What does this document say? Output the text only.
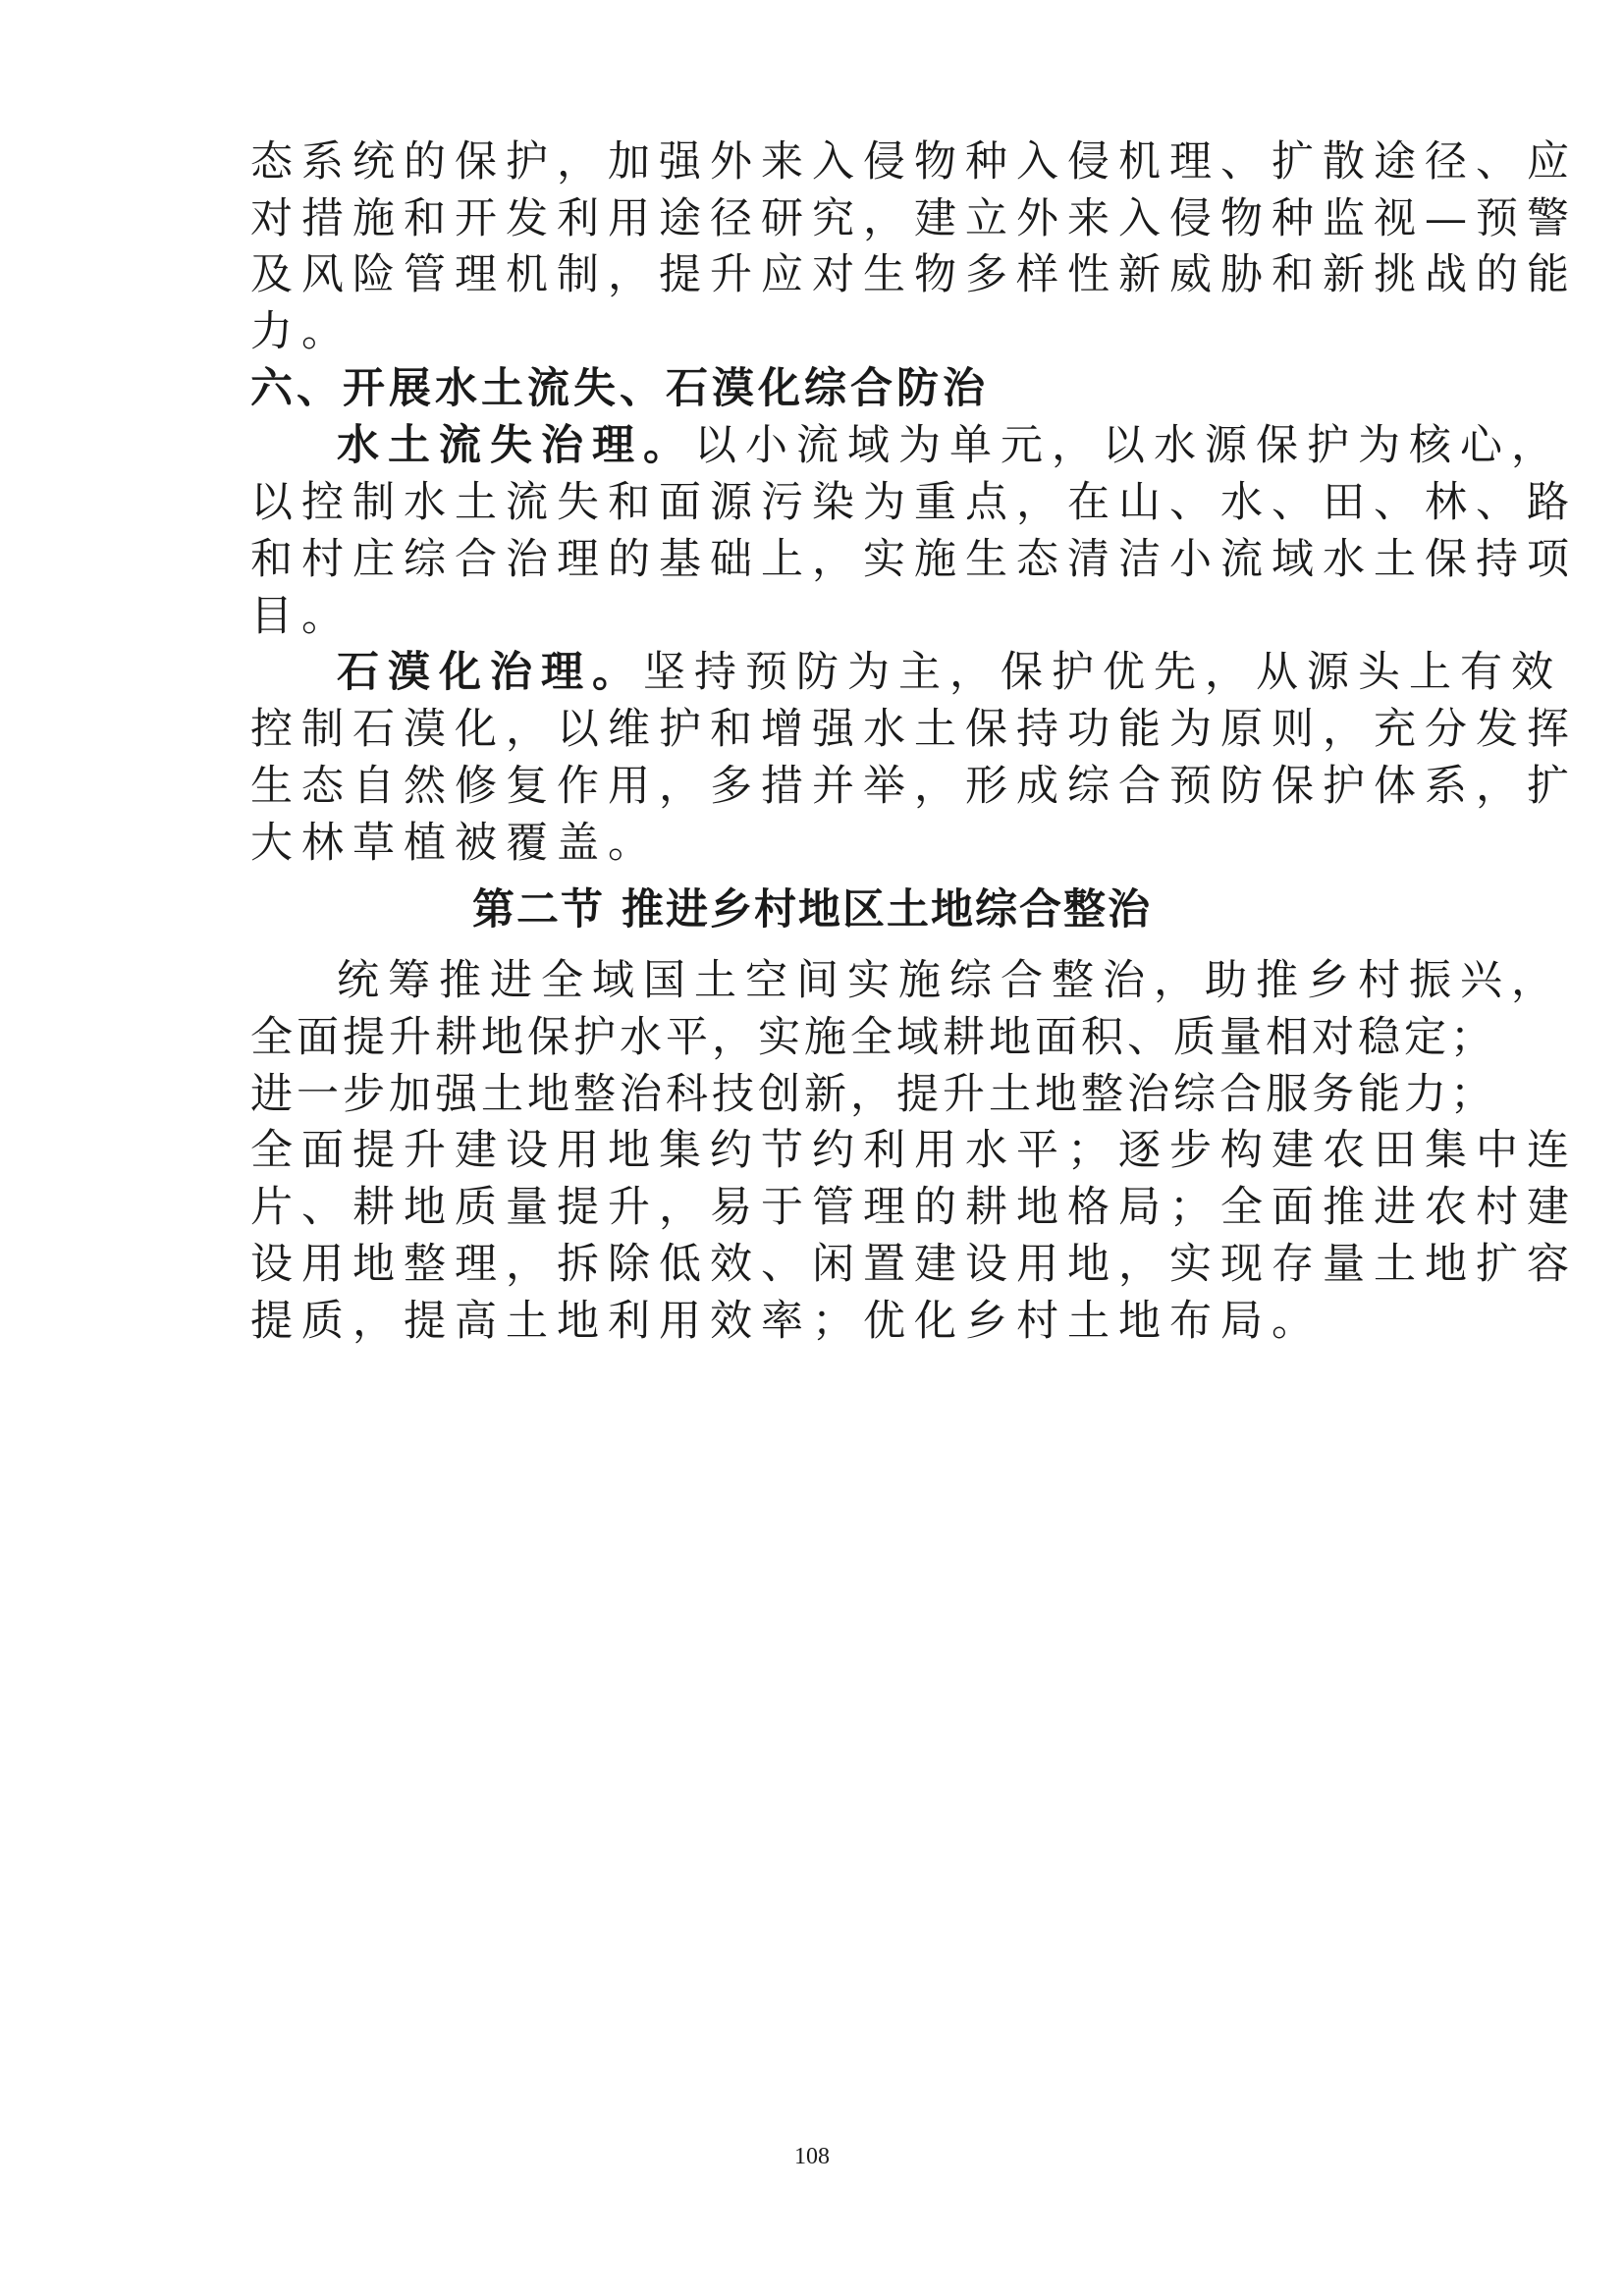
态系统的保护，加强外来入侵物种入侵机理、扩散途径、应
对措施和开发利用途径研究，建立外来入侵物种监视—预警
及风险管理机制，提升应对生物多样性新威胁和新挑战的能
力。
六、开展水土流失、石漠化综合防治
水土流失治理。以小流域为单元，以水源保护为核心，
以控制水土流失和面源污染为重点，在山、水、田、林、路
和村庄综合治理的基础上，实施生态清洁小流域水土保持项
目。
石漠化治理。坚持预防为主，保护优先，从源头上有效
控制石漠化，以维护和增强水土保持功能为原则，充分发挥
生态自然修复作用，多措并举，形成综合预防保护体系，扩
大林草植被覆盖。
第二节 推进乡村地区土地综合整治
统筹推进全域国土空间实施综合整治，助推乡村振兴，
全面提升耕地保护水平，实施全域耕地面积、质量相对稳定；
进一步加强土地整治科技创新，提升土地整治综合服务能力；
全面提升建设用地集约节约利用水平；逐步构建农田集中连
片、耕地质量提升，易于管理的耕地格局；全面推进农村建
设用地整理，拆除低效、闲置建设用地，实现存量土地扩容
提质，提高土地利用效率；优化乡村土地布局。
108
